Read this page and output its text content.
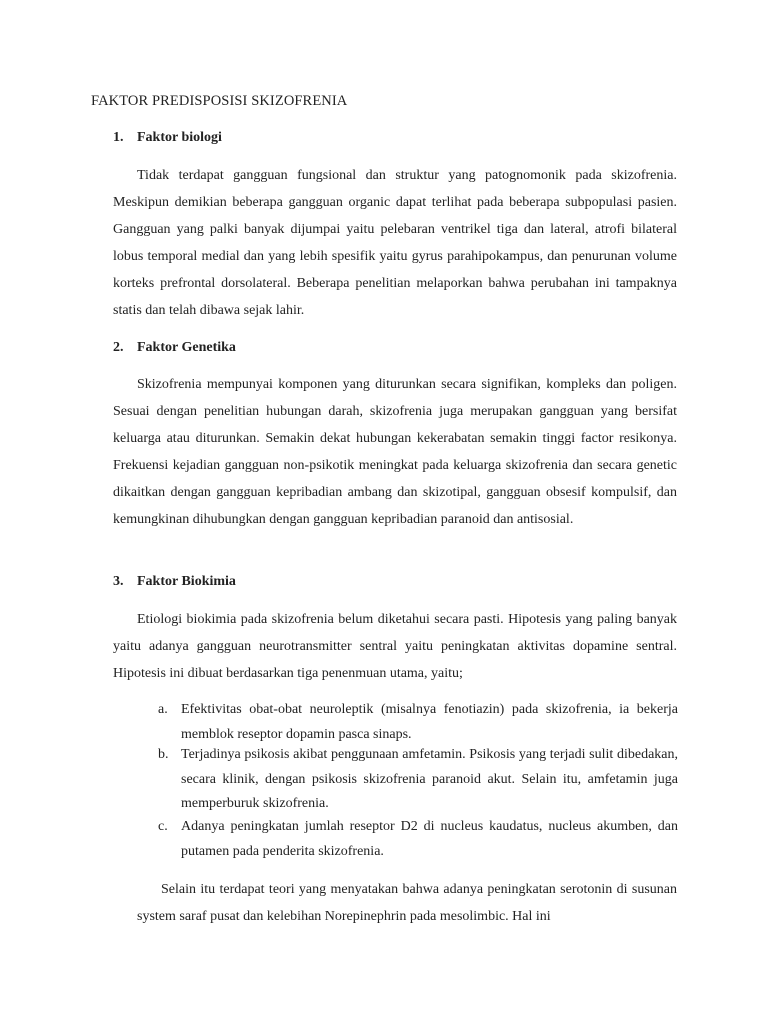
FAKTOR PREDISPOSISI SKIZOFRENIA
1. Faktor biologi

Tidak terdapat gangguan fungsional dan struktur yang patognomonik pada skizofrenia. Meskipun demikian beberapa gangguan organic dapat terlihat pada beberapa subpopulasi pasien. Gangguan yang palki banyak dijumpai yaitu pelebaran ventrikel tiga dan lateral, atrofi bilateral lobus temporal medial dan yang lebih spesifik yaitu gyrus parahipokampus, dan penurunan volume korteks prefrontal dorsolateral. Beberapa penelitian melaporkan bahwa perubahan ini tampaknya statis dan telah dibawa sejak lahir.

2. Faktor Genetika

Skizofrenia mempunyai komponen yang diturunkan secara signifikan, kompleks dan poligen. Sesuai dengan penelitian hubungan darah, skizofrenia juga merupakan gangguan yang bersifat keluarga atau diturunkan. Semakin dekat hubungan kekerabatan semakin tinggi factor resikonya. Frekuensi kejadian gangguan non-psikotik meningkat pada keluarga skizofrenia dan secara genetic dikaitkan dengan gangguan kepribadian ambang dan skizotipal, gangguan obsesif kompulsif, dan kemungkinan dihubungkan dengan gangguan kepribadian paranoid dan antisosial.

3. Faktor Biokimia

Etiologi biokimia pada skizofrenia belum diketahui secara pasti. Hipotesis yang paling banyak yaitu adanya gangguan neurotransmitter sentral yaitu peningkatan aktivitas dopamine sentral. Hipotesis ini dibuat berdasarkan tiga penenmuan utama, yaitu;

a. Efektivitas obat-obat neuroleptik (misalnya fenotiazin) pada skizofrenia, ia bekerja memblok reseptor dopamin pasca sinaps.
b. Terjadinya psikosis akibat penggunaan amfetamin. Psikosis yang terjadi sulit dibedakan, secara klinik, dengan psikosis skizofrenia paranoid akut. Selain itu, amfetamin juga memperburuk skizofrenia.
c. Adanya peningkatan jumlah reseptor D2 di nucleus kaudatus, nucleus akumben, dan putamen pada penderita skizofrenia.

Selain itu terdapat teori yang menyatakan bahwa adanya peningkatan serotonin di susunan system saraf pusat dan kelebihan Norepinephrin pada mesolimbic. Hal ini
